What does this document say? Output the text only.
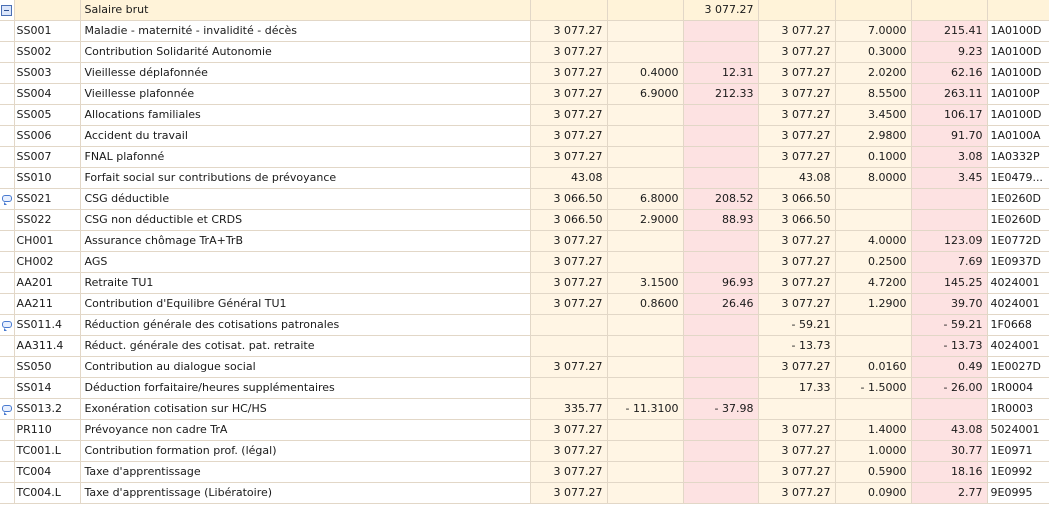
		Salaire brut			3 077.27				
	SS001	Maladie - maternité - invalidité - décès	3 077.27			3 077.27	7.0000	215.41	1A0100D
	SS002	Contribution Solidarité Autonomie	3 077.27			3 077.27	0.3000	9.23	1A0100D
	SS003	Vieillesse déplafonnée	3 077.27	0.4000	12.31	3 077.27	2.0200	62.16	1A0100D
	SS004	Vieillesse plafonnée	3 077.27	6.9000	212.33	3 077.27	8.5500	263.11	1A0100P
	SS005	Allocations familiales	3 077.27			3 077.27	3.4500	106.17	1A0100D
	SS006	Accident du travail	3 077.27			3 077.27	2.9800	91.70	1A0100A
	SS007	FNAL plafonné	3 077.27			3 077.27	0.1000	3.08	1A0332P
	SS010	Forfait social sur contributions de prévoyance	43.08			43.08	8.0000	3.45	1E0479...
	SS021	CSG déductible	3 066.50	6.8000	208.52	3 066.50			1E0260D
	SS022	CSG non déductible et CRDS	3 066.50	2.9000	88.93	3 066.50			1E0260D
	CH001	Assurance chômage TrA+TrB	3 077.27			3 077.27	4.0000	123.09	1E0772D
	CH002	AGS	3 077.27			3 077.27	0.2500	7.69	1E0937D
	AA201	Retraite TU1	3 077.27	3.1500	96.93	3 077.27	4.7200	145.25	4024001
	AA211	Contribution d'Equilibre Général TU1	3 077.27	0.8600	26.46	3 077.27	1.2900	39.70	4024001
	SS011.4	Réduction générale des cotisations patronales				- 59.21		- 59.21	1F0668
	AA311.4	Réduct. générale des cotisat. pat. retraite				- 13.73		- 13.73	4024001
	SS050	Contribution au dialogue social	3 077.27			3 077.27	0.0160	0.49	1E0027D
	SS014	Déduction forfaitaire/heures supplémentaires				17.33	- 1.5000	- 26.00	1R0004
	SS013.2	Exonération cotisation sur HC/HS	335.77	- 11.3100	- 37.98				1R0003
	PR110	Prévoyance non cadre TrA	3 077.27			3 077.27	1.4000	43.08	5024001
	TC001.L	Contribution formation prof. (légal)	3 077.27			3 077.27	1.0000	30.77	1E0971
	TC004	Taxe d'apprentissage	3 077.27			3 077.27	0.5900	18.16	1E0992
	TC004.L	Taxe d'apprentissage (Libératoire)	3 077.27			3 077.27	0.0900	2.77	9E0995
